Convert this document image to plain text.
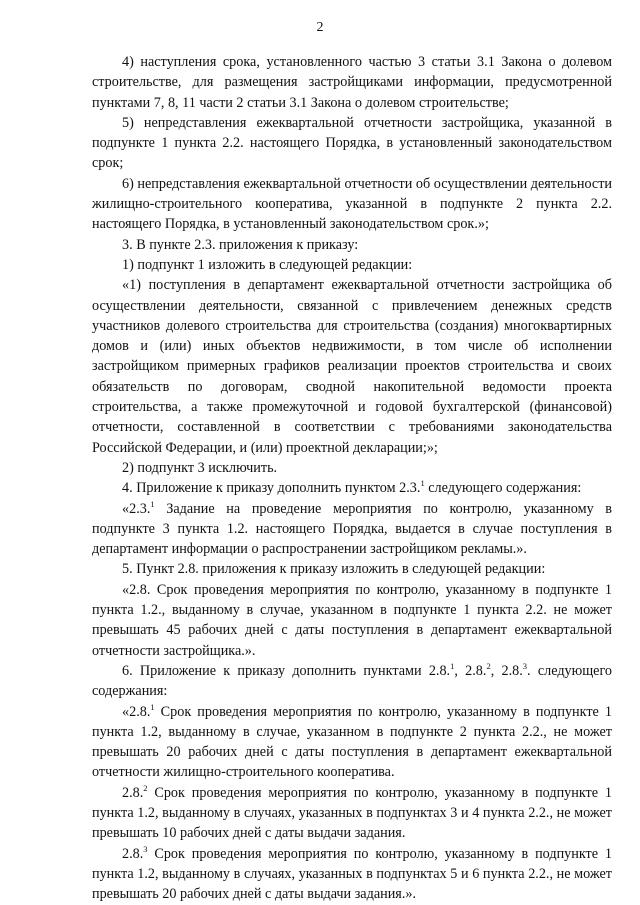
2

4) наступления срока, установленного частью 3 статьи 3.1 Закона о долевом строительстве, для размещения застройщиками информации, предусмотренной пунктами 7, 8, 11 части 2 статьи 3.1 Закона о долевом строительстве;

5) непредставления ежеквартальной отчетности застройщика, указанной в подпункте 1 пункта 2.2. настоящего Порядка, в установленный законодательством срок;

6) непредставления ежеквартальной отчетности об осуществлении деятельности жилищно-строительного кооператива, указанной в подпункте 2 пункта 2.2. настоящего Порядка, в установленный законодательством срок.»;

3. В пункте 2.3. приложения к приказу:

1) подпункт 1 изложить в следующей редакции:

«1) поступления в департамент ежеквартальной отчетности застройщика об осуществлении деятельности, связанной с привлечением денежных средств участников долевого строительства для строительства (создания) многоквартирных домов и (или) иных объектов недвижимости, в том числе об исполнении застройщиком примерных графиков реализации проектов строительства и своих обязательств по договорам, сводной накопительной ведомости проекта строительства, а также промежуточной и годовой бухгалтерской (финансовой) отчетности, составленной в соответствии с требованиями законодательства Российской Федерации, и (или) проектной декларации;»;

2) подпункт 3 исключить.

4. Приложение к приказу дополнить пунктом 2.3.$^1$ следующего содержания:

«2.3.$^1$ Задание на проведение мероприятия по контролю, указанному в подпункте 3 пункта 1.2. настоящего Порядка, выдается в случае поступления в департамент информации о распространении застройщиком рекламы.».

5. Пункт 2.8. приложения к приказу изложить в следующей редакции:

«2.8. Срок проведения мероприятия по контролю, указанному в подпункте 1 пункта 1.2., выданному в случае, указанном в подпункте 1 пункта 2.2. не может превышать 45 рабочих дней с даты поступления в департамент ежеквартальной отчетности застройщика.».

6. Приложение к приказу дополнить пунктами 2.8.$^1$, 2.8.$^2$, 2.8.$^3$. следующего содержания:

«2.8.$^1$ Срок проведения мероприятия по контролю, указанному в подпункте 1 пункта 1.2, выданному в случае, указанном в подпункте 2 пункта 2.2., не может превышать 20 рабочих дней с даты поступления в департамент ежеквартальной отчетности жилищно-строительного кооператива.

2.8.$^2$ Срок проведения мероприятия по контролю, указанному в подпункте 1 пункта 1.2, выданному в случаях, указанных в подпунктах 3 и 4 пункта 2.2., не может превышать 10 рабочих дней с даты выдачи задания.

2.8.$^3$ Срок проведения мероприятия по контролю, указанному в подпункте 1 пункта 1.2, выданному в случаях, указанных в подпунктах 5 и 6 пункта 2.2., не может превышать 20 рабочих дней с даты выдачи задания.».
